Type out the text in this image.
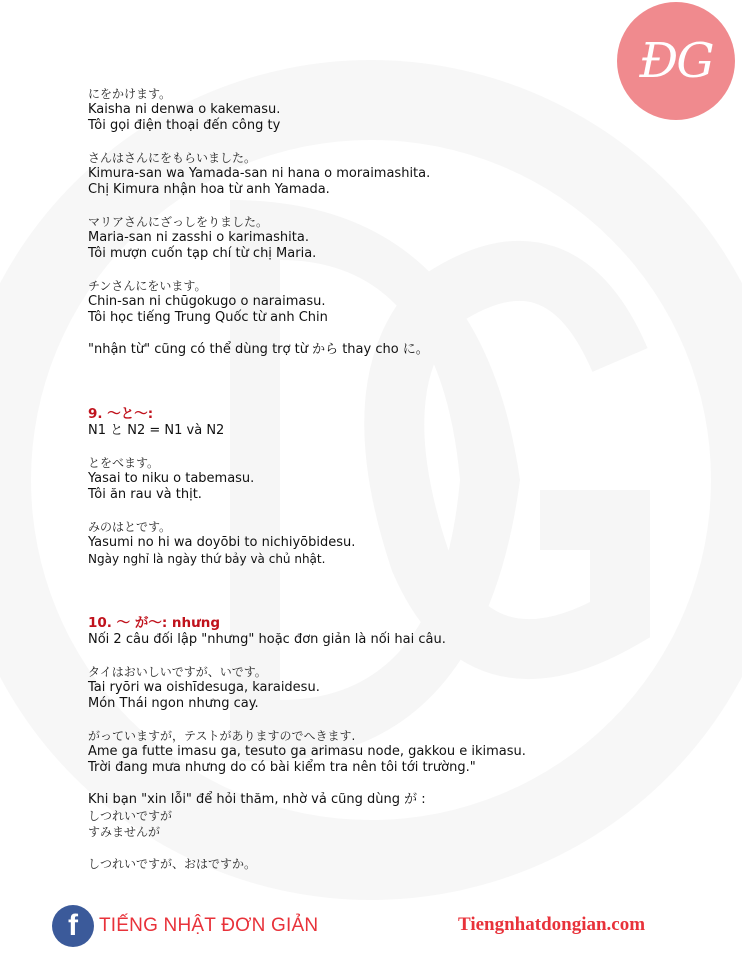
ĐG
にをかけます。
Kaisha ni denwa o kakemasu.
Tôi gọi điện thoại đến công ty
さんはさんにをもらいました。
Kimura-san wa Yamada-san ni hana o moraimashita.
Chị Kimura nhận hoa từ anh Yamada.
マリアさんにざっしをりました。
Maria-san ni zasshi o karimashita.
Tôi mượn cuốn tạp chí từ chị Maria.
チンさんにをいます。
Chin-san ni chūgokugo o naraimasu.
Tôi học tiếng Trung Quốc từ anh Chin
"nhận từ" cũng có thể dùng trợ từ から thay cho に。
9. ～と～:
N1 と N2 = N1 và N2
とをべます。
Yasai to niku o tabemasu.
Tôi ăn rau và thịt.
みのはとです。
Yasumi no hi wa doyōbi to nichiyōbidesu.
Ngày nghỉ là ngày thứ bảy và chủ nhật.
10. ～ が～: nhưng
Nối 2 câu đối lập "nhưng" hoặc đơn giản là nối hai câu.
タイはおいしいですが、いです。
Tai ryōri wa oishīdesuga, karaidesu.
Món Thái ngon nhưng cay.
がっていますが，テストがありますのでへきます.
Ame ga futte imasu ga, tesuto ga arimasu node, gakkou e ikimasu.
Trời đang mưa nhưng do có bài kiểm tra nên tôi tới trường."
Khi bạn "xin lỗi" để hỏi thăm, nhờ vả cũng dùng が :
しつれいですが
すみませんが
しつれいですが、おはですか。
f TIẾNG NHẬT ĐƠN GIẢN	Tiengnhatdongian.com
